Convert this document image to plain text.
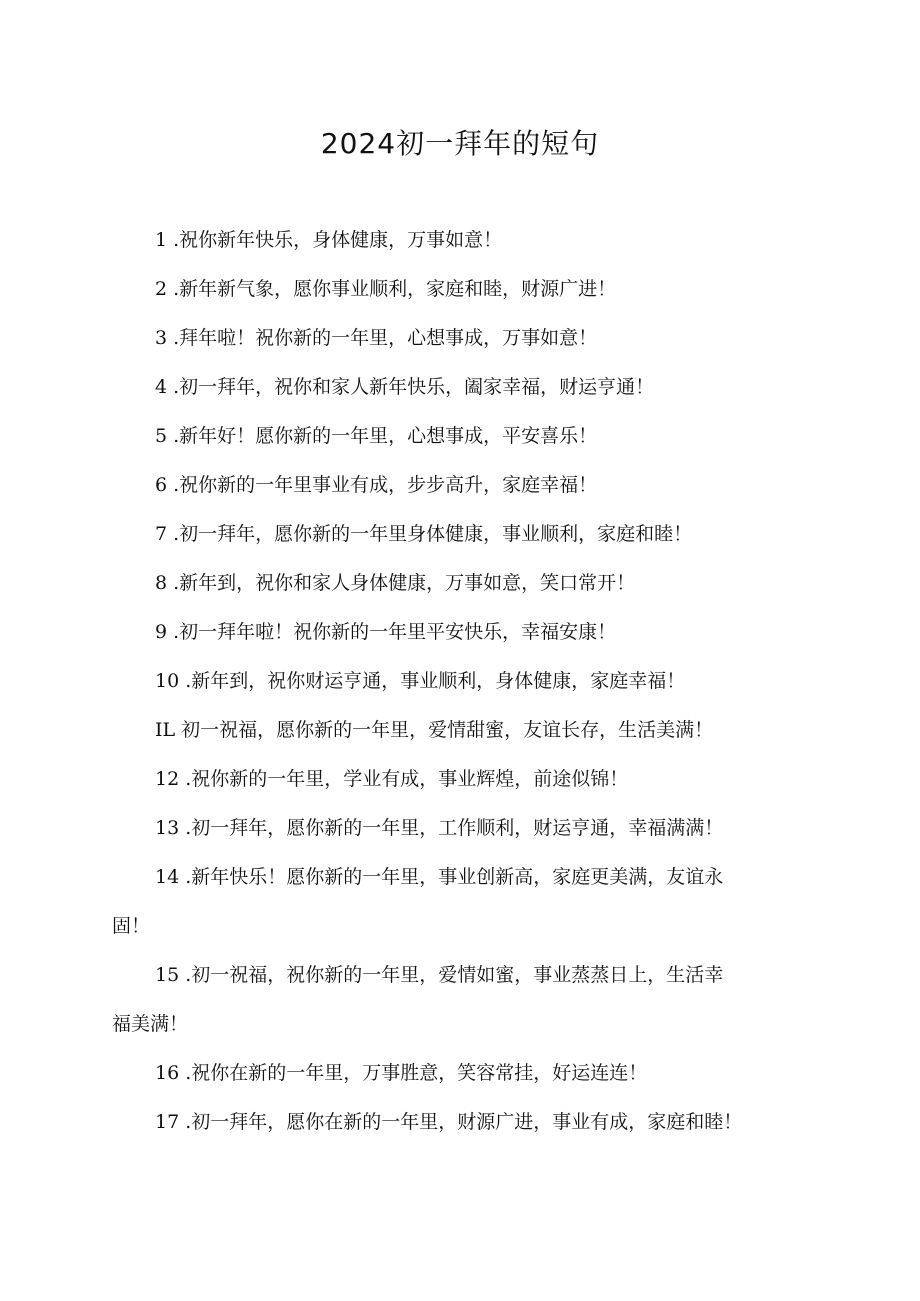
2024初一拜年的短句
1 .祝你新年快乐，身体健康，万事如意！
2 .新年新气象，愿你事业顺利，家庭和睦，财源广进！
3 .拜年啦！祝你新的一年里，心想事成，万事如意！
4 .初一拜年，祝你和家人新年快乐，阖家幸福，财运亨通！
5 .新年好！愿你新的一年里，心想事成，平安喜乐！
6 .祝你新的一年里事业有成，步步高升，家庭幸福！
7 .初一拜年，愿你新的一年里身体健康，事业顺利，家庭和睦！
8 .新年到，祝你和家人身体健康，万事如意，笑口常开！
9 .初一拜年啦！祝你新的一年里平安快乐，幸福安康！
10 .新年到，祝你财运亨通，事业顺利，身体健康，家庭幸福！
IL 初一祝福，愿你新的一年里，爱情甜蜜，友谊长存，生活美满！
12 .祝你新的一年里，学业有成，事业辉煌，前途似锦！
13 .初一拜年，愿你新的一年里，工作顺利，财运亨通，幸福满满！
14 .新年快乐！愿你新的一年里，事业创新高，家庭更美满，友谊永
固！
15 .初一祝福，祝你新的一年里，爱情如蜜，事业蒸蒸日上，生活幸
福美满！
16 .祝你在新的一年里，万事胜意，笑容常挂，好运连连！
17 .初一拜年，愿你在新的一年里，财源广进，事业有成，家庭和睦！
